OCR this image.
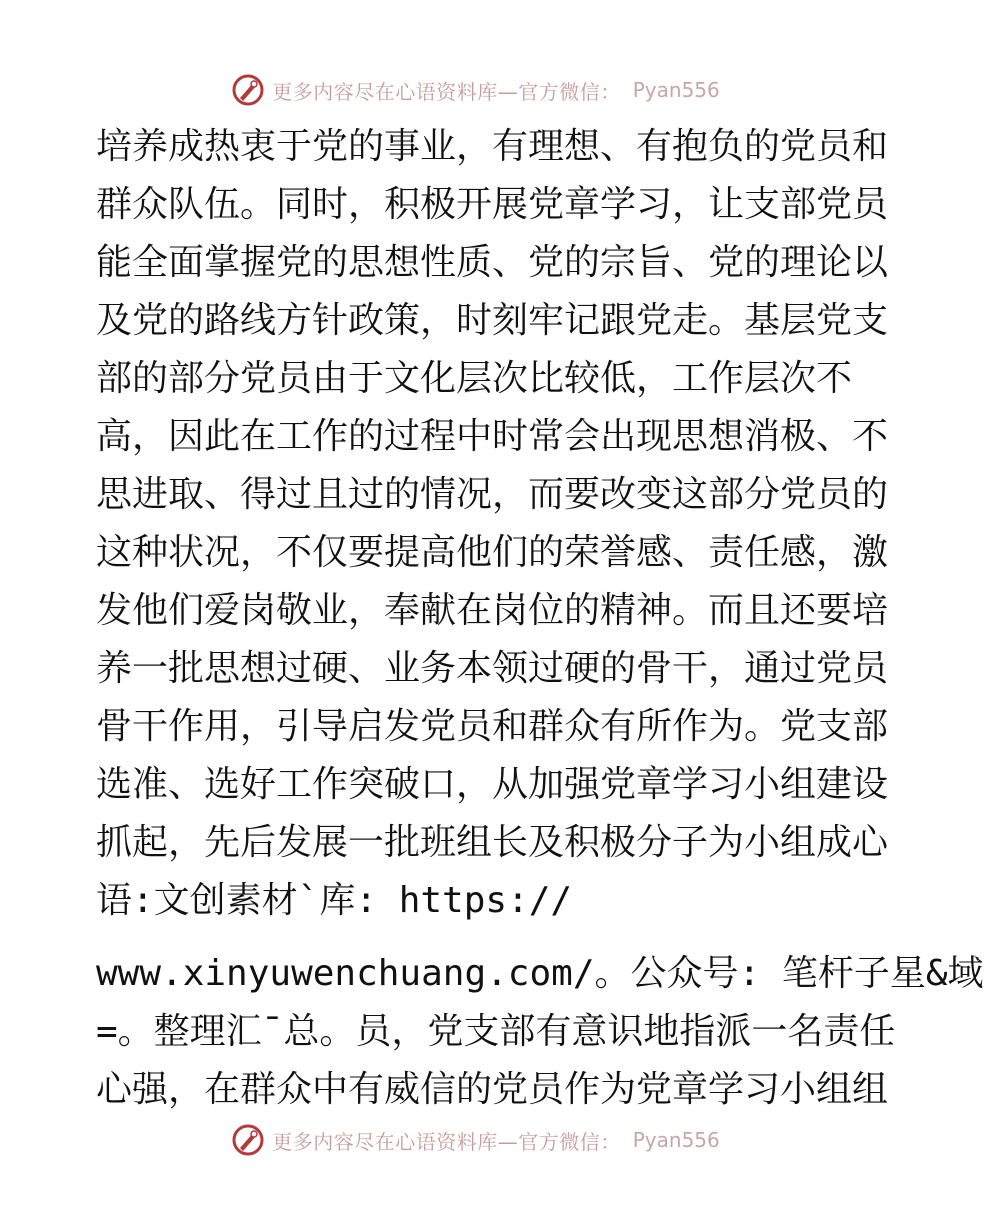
更多内容尽在心语资料库—官方微信： Pyan556
培养成热衷于党的事业，有理想、有抱负的党员和
群众队伍。同时，积极开展党章学习，让支部党员
能全面掌握党的思想性质、党的宗旨、党的理论以
及党的路线方针政策，时刻牢记跟党走。基层党支
部的部分党员由于文化层次比较低，工作层次不
高，因此在工作的过程中时常会出现思想消极、不
思进取、得过且过的情况，而要改变这部分党员的
这种状况，不仅要提高他们的荣誉感、责任感，激
发他们爱岗敬业，奉献在岗位的精神。而且还要培
养一批思想过硬、业务本领过硬的骨干，通过党员
骨干作用，引导启发党员和群众有所作为。党支部
选准、选好工作突破口，从加强党章学习小组建设
抓起，先后发展一批班组长及积极分子为小组成心
语:文创素材`库: https://
www.xinyuwenchuang.com/。公众号: 笔杆子星&域
=。整理汇¯总。员，党支部有意识地指派一名责任
心强，在群众中有威信的党员作为党章学习小组组
更多内容尽在心语资料库—官方微信： Pyan556
